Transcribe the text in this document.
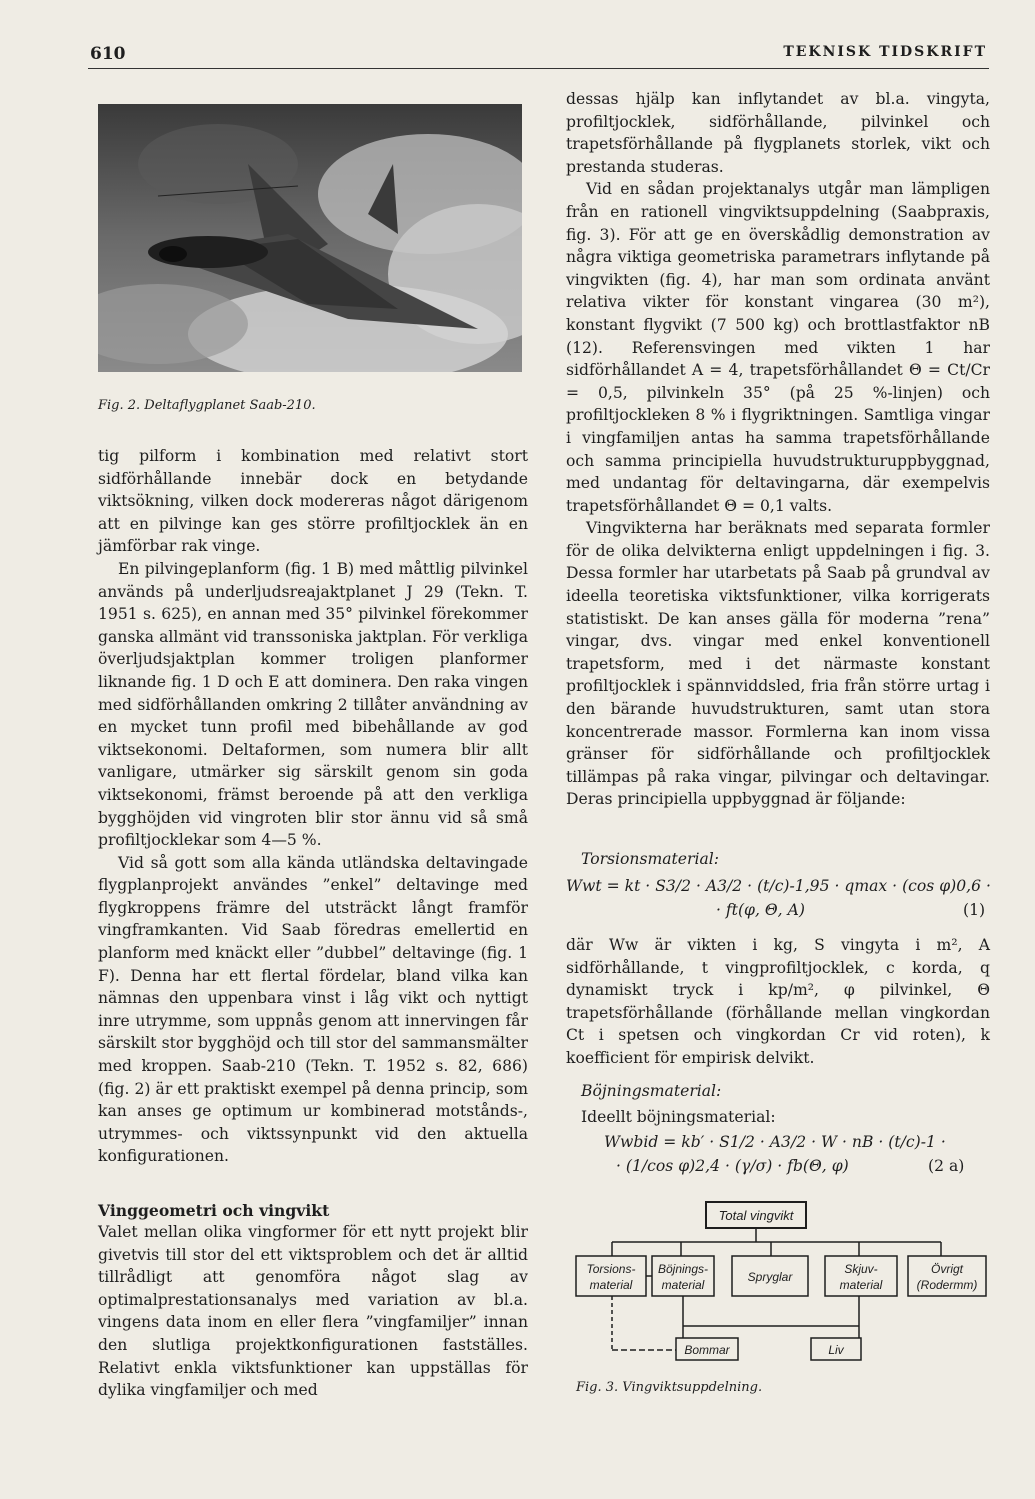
610	TEKNISK TIDSKRIFT
Fig. 2. Deltaflygplanet Saab-210.

tig pilform i kombination med relativt stort sidförhållande innebär dock en betydande viktsökning, vilken dock modereras något därigenom att en pilvinge kan ges större profiltjocklek än en jämförbar rak vinge.

En pilvingeplanform (fig. 1 B) med måttlig pilvinkel används på underljudsreajaktplanet J 29 (Tekn. T. 1951 s. 625), en annan med 35° pilvinkel förekommer ganska allmänt vid transsoniska jaktplan. För verkliga överljudsjaktplan kommer troligen planformer liknande fig. 1 D och E att dominera. Den raka vingen med sidförhållanden omkring 2 tillåter användning av en mycket tunn profil med bibehållande av god viktsekonomi. Deltaformen, som numera blir allt vanligare, utmärker sig särskilt genom sin goda viktsekonomi, främst beroende på att den verkliga bygghöjden vid vingroten blir stor ännu vid så små profiltjocklekar som 4—5 %.

Vid så gott som alla kända utländska deltavingade flygplanprojekt användes ”enkel” deltavinge med flygkroppens främre del utsträckt långt framför vingframkanten. Vid Saab föredras emellertid en planform med knäckt eller ”dubbel” deltavinge (fig. 1 F). Denna har ett flertal fördelar, bland vilka kan nämnas den uppenbara vinst i låg vikt och nyttigt inre utrymme, som uppnås genom att innervingen får särskilt stor bygghöjd och till stor del sammansmälter med kroppen. Saab-210 (Tekn. T. 1952 s. 82, 686) (fig. 2) är ett praktiskt exempel på denna princip, som kan anses ge optimum ur kombinerad motstånds-, utrymmes- och viktssynpunkt vid den aktuella konfigurationen.

Vinggeometri och vingvikt

Valet mellan olika vingformer för ett nytt projekt blir givetvis till stor del ett viktsproblem och det är alltid tillrådligt att genomföra något slag av optimalprestationsanalys med variation av bl.a. vingens data inom en eller flera ”vingfamiljer” innan den slutliga projektkonfigurationen fastställes. Relativt enkla viktsfunktioner kan uppställas för dylika vingfamiljer och med

dessas hjälp kan inflytandet av bl.a. vingyta, profiltjocklek, sidförhållande, pilvinkel och trapetsförhållande på flygplanets storlek, vikt och prestanda studeras.

Vid en sådan projektanalys utgår man lämpligen från en rationell vingviktsuppdelning (Saabpraxis, fig. 3). För att ge en överskådlig demonstration av några viktiga geometriska parametrars inflytande på vingvikten (fig. 4), har man som ordinata använt relativa vikter för konstant vingarea (30 m²), konstant flygvikt (7 500 kg) och brottlastfaktor nB (12). Referensvingen med vikten 1 har sidförhållandet A = 4, trapetsförhållandet Θ = Ct/Cr = 0,5, pilvinkeln 35° (på 25 %-linjen) och profiltjockleken 8 % i flygriktningen. Samtliga vingar i vingfamiljen antas ha samma trapetsförhållande och samma principiella huvudstrukturuppbyggnad, med undantag för deltavingarna, där exempelvis trapetsförhållandet Θ = 0,1 valts.

Vingvikterna har beräknats med separata formler för de olika delvikterna enligt uppdelningen i fig. 3. Dessa formler har utarbetats på Saab på grundval av ideella teoretiska viktsfunktioner, vilka korrigerats statistiskt. De kan anses gälla för moderna ”rena” vingar, dvs. vingar med enkel konventionell trapetsform, med i det närmaste konstant profiltjocklek i spännviddsled, fria från större urtag i den bärande huvudstrukturen, samt utan stora koncentrerade massor. Formlerna kan inom vissa gränser för sidförhållande och profiltjocklek tillämpas på raka vingar, pilvingar och deltavingar. Deras principiella uppbyggnad är följande:

Torsionsmaterial:
Wwt = kt · S3/2 · A3/2 · (t/c)-1,95 · qmax · (cos φ)0,6 ·
· ft(φ, Θ, A)	(1)

där Ww är vikten i kg, S vingyta i m², A sidförhållande, t vingprofiltjocklek, c korda, q dynamiskt tryck i kp/m², φ pilvinkel, Θ trapetsförhållande (förhållande mellan vingkordan Ct i spetsen och vingkordan Cr vid roten), k koefficient för empirisk delvikt.

Böjningsmaterial:

Ideellt böjningsmaterial:

Wwbid = kb′ · S1/2 · A3/2 · W · nB · (t/c)-1 ·
· (1/cos φ)2,4 · (γ/σ) · fb(Θ, φ)	(2 a)
Total vingvikt
Torsions-
material
Böjnings-
material
Spryglar
Skjuv-
material
Övrigt
(Rodermm)
Bommar	Liv
Fig. 3. Vingviktsuppdelning.
